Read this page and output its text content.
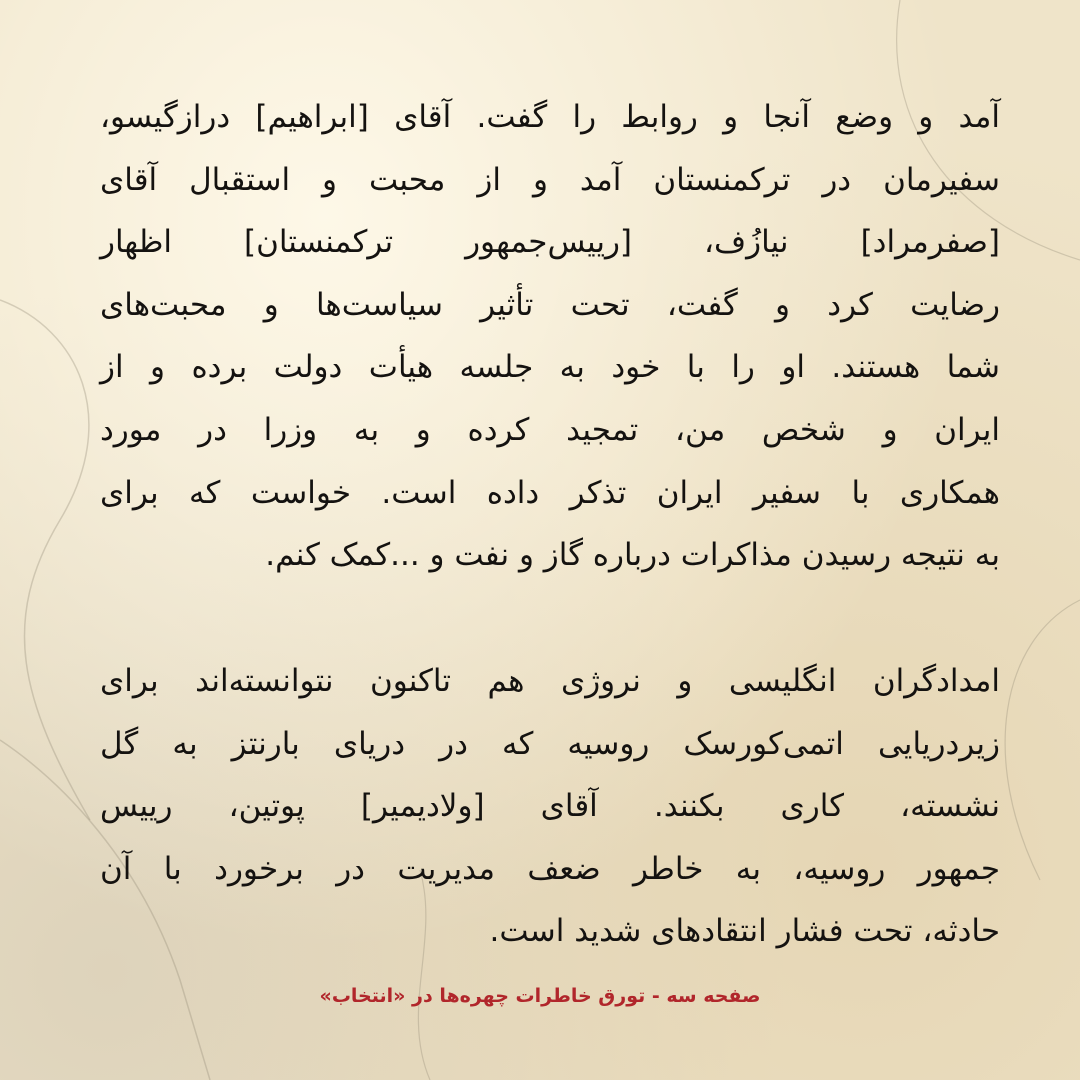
آمد و وضع آنجا و روابط را گفت. آقای [ابراهیم] درازگیسو،
سفیرمان در ترکمنستان آمد و از محبت و استقبال آقای
[صفرمراد] نیازُف، [رییس‌جمهور ترکمنستان] اظهار
رضایت کرد و گفت، تحت تأثیر سیاست‌ها و محبت‌های
شما هستند. او را با خود به جلسه هیأت دولت برده و از
ایران و شخص من، تمجید کرده و به وزرا در مورد
همکاری با سفیر ایران تذکر داده است. خواست که برای
به نتیجه رسیدن مذاکرات درباره گاز و نفت و ...کمک کنم.
امدادگران انگلیسی و نروژی هم تاکنون نتوانسته‌اند برای
زیردریایی اتمی‌کورسک روسیه که در دریای بارنتز به گل
نشسته، کاری بکنند. آقای [ولادیمیر] پوتین، رییس
جمهور روسیه، به خاطر ضعف مدیریت در برخورد با آن
حادثه، تحت فشار انتقادهای شدید است.
صفحه سه - تورق خاطرات چهره‌ها در «انتخاب»
